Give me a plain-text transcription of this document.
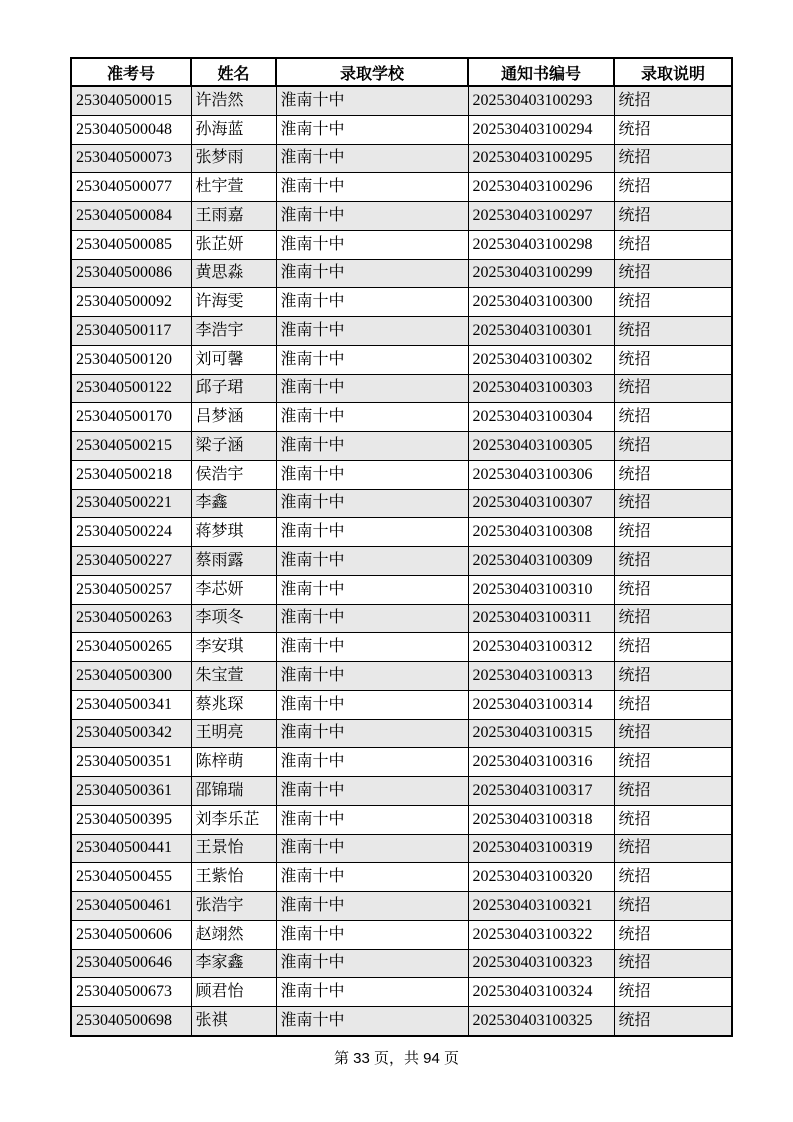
准考号	姓名	录取学校	通知书编号	录取说明
253040500015	许浩然	淮南十中	202530403100293	统招
253040500048	孙海蓝	淮南十中	202530403100294	统招
253040500073	张梦雨	淮南十中	202530403100295	统招
253040500077	杜宇萱	淮南十中	202530403100296	统招
253040500084	王雨嘉	淮南十中	202530403100297	统招
253040500085	张芷妍	淮南十中	202530403100298	统招
253040500086	黄思淼	淮南十中	202530403100299	统招
253040500092	许海雯	淮南十中	202530403100300	统招
253040500117	李浩宇	淮南十中	202530403100301	统招
253040500120	刘可馨	淮南十中	202530403100302	统招
253040500122	邱子珺	淮南十中	202530403100303	统招
253040500170	吕梦涵	淮南十中	202530403100304	统招
253040500215	梁子涵	淮南十中	202530403100305	统招
253040500218	侯浩宇	淮南十中	202530403100306	统招
253040500221	李鑫	淮南十中	202530403100307	统招
253040500224	蒋梦琪	淮南十中	202530403100308	统招
253040500227	蔡雨露	淮南十中	202530403100309	统招
253040500257	李芯妍	淮南十中	202530403100310	统招
253040500263	李项冬	淮南十中	202530403100311	统招
253040500265	李安琪	淮南十中	202530403100312	统招
253040500300	朱宝萱	淮南十中	202530403100313	统招
253040500341	蔡兆琛	淮南十中	202530403100314	统招
253040500342	王明亮	淮南十中	202530403100315	统招
253040500351	陈梓萌	淮南十中	202530403100316	统招
253040500361	邵锦瑞	淮南十中	202530403100317	统招
253040500395	刘李乐芷	淮南十中	202530403100318	统招
253040500441	王景怡	淮南十中	202530403100319	统招
253040500455	王紫怡	淮南十中	202530403100320	统招
253040500461	张浩宇	淮南十中	202530403100321	统招
253040500606	赵翊然	淮南十中	202530403100322	统招
253040500646	李家鑫	淮南十中	202530403100323	统招
253040500673	顾君怡	淮南十中	202530403100324	统招
253040500698	张祺	淮南十中	202530403100325	统招
第 33 页，共 94 页
